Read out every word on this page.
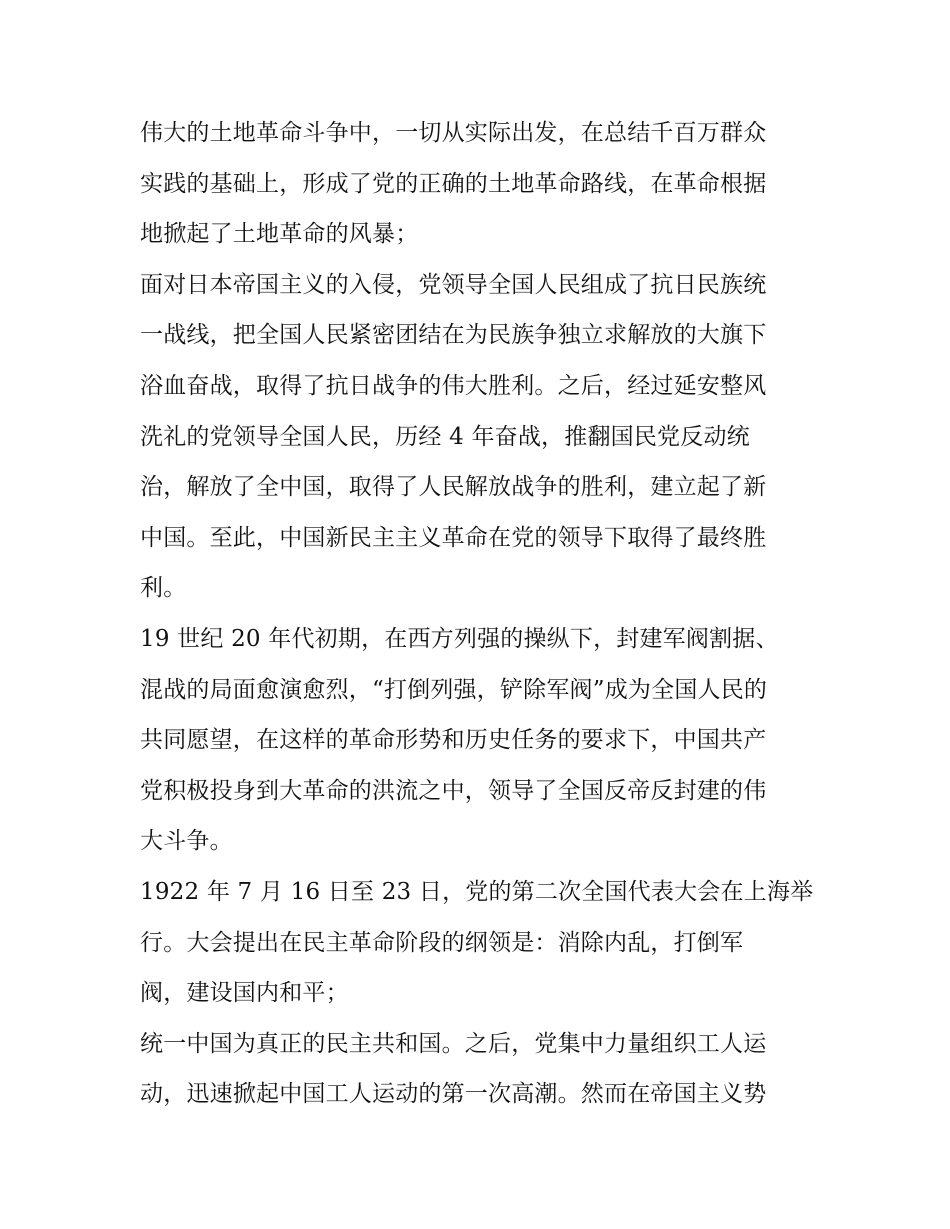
伟大的土地革命斗争中，一切从实际出发，在总结千百万群众
实践的基础上，形成了党的正确的土地革命路线，在革命根据
地掀起了土地革命的风暴；
面对日本帝国主义的入侵，党领导全国人民组成了抗日民族统
一战线，把全国人民紧密团结在为民族争独立求解放的大旗下
浴血奋战，取得了抗日战争的伟大胜利。之后，经过延安整风
洗礼的党领导全国人民，历经 4 年奋战，推翻国民党反动统
治，解放了全中国，取得了人民解放战争的胜利，建立起了新
中国。至此，中国新民主主义革命在党的领导下取得了最终胜
利。
19 世纪 20 年代初期，在西方列强的操纵下，封建军阀割据、
混战的局面愈演愈烈，“打倒列强，铲除军阀”成为全国人民的
共同愿望，在这样的革命形势和历史任务的要求下，中国共产
党积极投身到大革命的洪流之中，领导了全国反帝反封建的伟
大斗争。
1922 年 7 月 16 日至 23 日，党的第二次全国代表大会在上海举
行。大会提出在民主革命阶段的纲领是：消除内乱，打倒军
阀，建设国内和平；
统一中国为真正的民主共和国。之后，党集中力量组织工人运
动，迅速掀起中国工人运动的第一次高潮。然而在帝国主义势
